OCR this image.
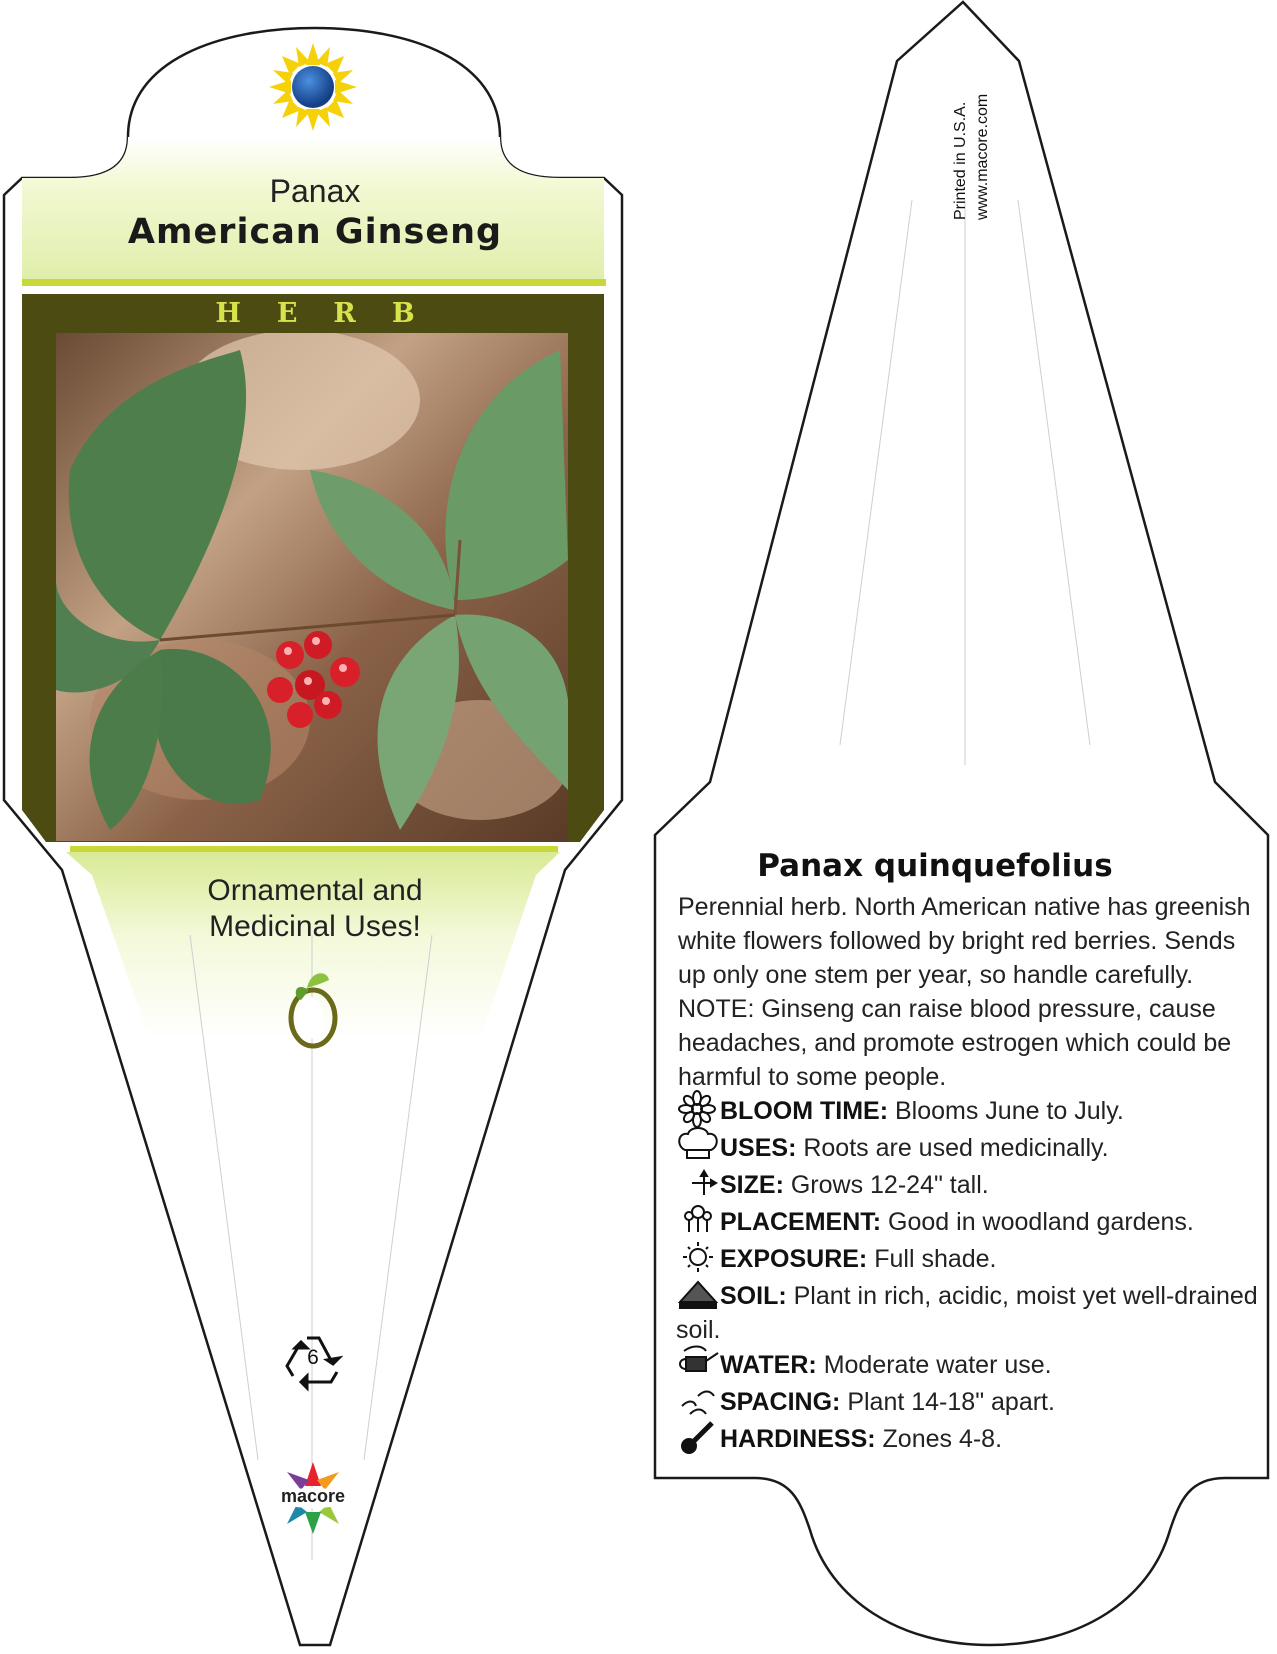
Panax
American Ginseng
HERB
Ornamental and
Medicinal Uses!
6
macore
Printed in U.S.A. www.macore.com
Panax quinquefolius
Perennial herb. North American native has greenish white flowers followed by bright red berries. Sends up only one stem per year, so handle carefully. NOTE: Ginseng can raise blood pressure, cause headaches, and promote estrogen which could be harmful to some people.
BLOOM TIME: Blooms June to July.
USES: Roots are used medicinally.
SIZE: Grows 12-24" tall.
PLACEMENT: Good in woodland gardens.
EXPOSURE: Full shade.
SOIL: Plant in rich, acidic, moist yet well-drained soil.
WATER: Moderate water use.
SPACING: Plant 14-18" apart.
HARDINESS: Zones 4-8.
